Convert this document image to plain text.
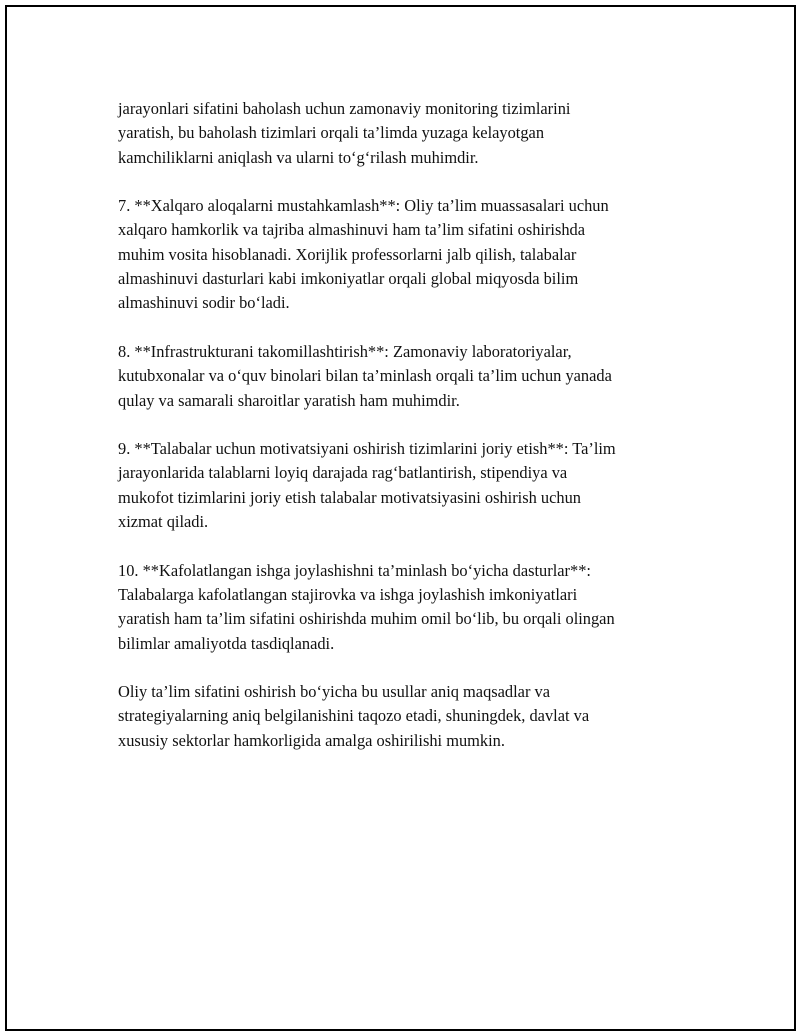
jarayonlari sifatini baholash uchun zamonaviy monitoring tizimlarini
yaratish, bu baholash tizimlari orqali ta’limda yuzaga kelayotgan
kamchiliklarni aniqlash va ularni to‘g‘rilash muhimdir.

7. **Xalqaro aloqalarni mustahkamlash**: Oliy ta’lim muassasalari uchun
xalqaro hamkorlik va tajriba almashinuvi ham ta’lim sifatini oshirishda
muhim vosita hisoblanadi. Xorijlik professorlarni jalb qilish, talabalar
almashinuvi dasturlari kabi imkoniyatlar orqali global miqyosda bilim
almashinuvi sodir bo‘ladi.

8. **Infrastrukturani takomillashtirish**: Zamonaviy laboratoriyalar,
kutubxonalar va o‘quv binolari bilan ta’minlash orqali ta’lim uchun yanada
qulay va samarali sharoitlar yaratish ham muhimdir.

9. **Talabalar uchun motivatsiyani oshirish tizimlarini joriy etish**: Ta’lim
jarayonlarida talablarni loyiq darajada rag‘batlantirish, stipendiya va
mukofot tizimlarini joriy etish talabalar motivatsiyasini oshirish uchun
xizmat qiladi.

10. **Kafolatlangan ishga joylashishni ta’minlash bo‘yicha dasturlar**:
Talabalarga kafolatlangan stajirovka va ishga joylashish imkoniyatlari
yaratish ham ta’lim sifatini oshirishda muhim omil bo‘lib, bu orqali olingan
bilimlar amaliyotda tasdiqlanadi.

Oliy ta’lim sifatini oshirish bo‘yicha bu usullar aniq maqsadlar va
strategiyalarning aniq belgilanishini taqozo etadi, shuningdek, davlat va
xususiy sektorlar hamkorligida amalga oshirilishi mumkin.
